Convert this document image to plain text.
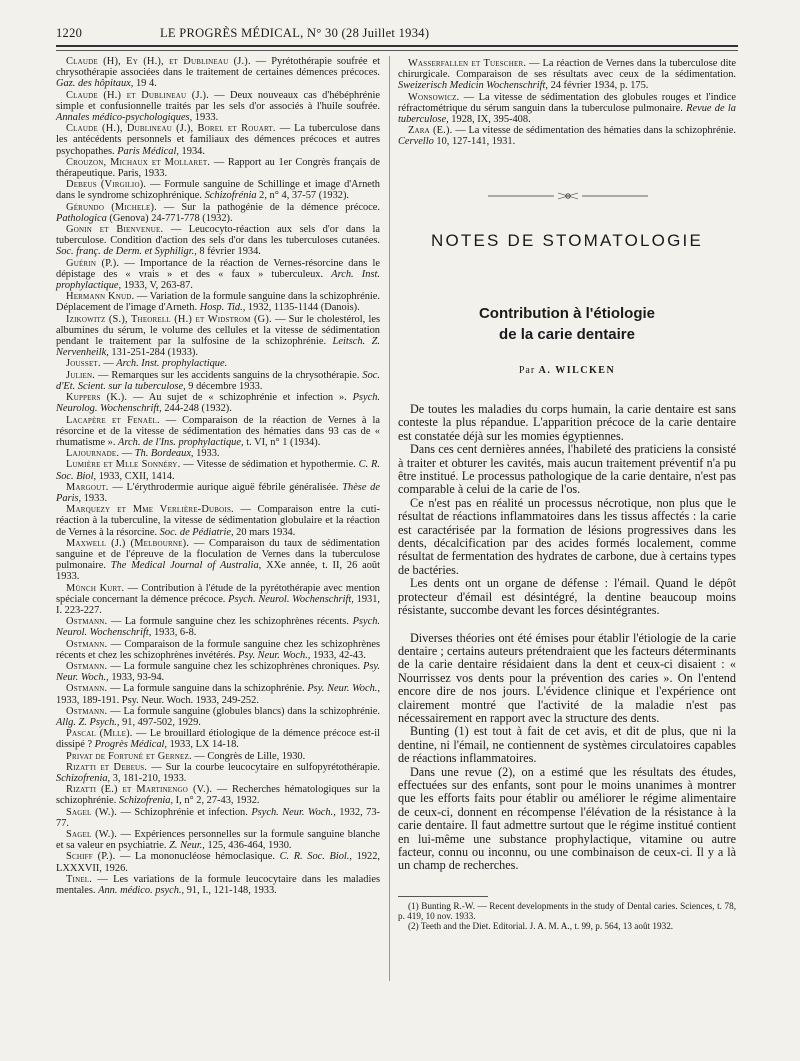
1220	LE PROGRÈS MÉDICAL, N° 30 (28 Juillet 1934)

Claude (H), Ey (H.), et Dublineau (J.). — Pyrétothérapie soufrée et chrysothérapie associées dans le traitement de certaines démences précoces. Gaz. des hôpitaux, 19 4.

Claude (H.) et Dublineau (J.). — Deux nouveaux cas d'hébéphrénie simple et confusionnelle traités par les sels d'or associés à l'huile soufrée. Annales médico-psychologiques, 1933.

Claude (H.), Dublineau (J.), Borel et Rouart. — La tuberculose dans les antécédents personnels et familiaux des démences précoces et autres psychopathes. Paris Médical, 1934.

Crouzon, Michaux et Mollaret. — Rapport au 1er Congrès français de thérapeutique. Paris, 1933.

Debeus (Virgilio). — Formule sanguine de Schillinge et image d'Arneth dans le syndrome schizophrénique. Schizofrénia 2, n° 4, 37-57 (1932).

Gérundo (Michele). — Sur la pathogénie de la démence précoce. Pathologica (Genova) 24-771-778 (1932).

Gonin et Bienvenue. — Leucocyto-réaction aux sels d'or dans la tuberculose. Condition d'action des sels d'or dans les tuberculoses cutanées. Soc. franç. de Derm. et Syphiligr., 8 février 1934.

Guérin (P.). — Importance de la réaction de Vernes-résorcine dans le dépistage des « vrais » et des « faux » tuberculeux. Arch. Inst. prophylactique, 1933, V, 263-87.

Hermann Knud. — Variation de la formule sanguine dans la schizophrénie. Déplacement de l'image d'Arneth. Hosp. Tid., 1932, 1135-1144 (Danois).

Izikowitz (S.), Theorell (H.) et Widstrom (G). — Sur le cholestérol, les albumines du sérum, le volume des cellules et la vitesse de sédimentation pendant le traitement par la sulfosine de la schizophrénie. Leitsch. Z. Nervenheilk, 131-251-284 (1933).

Jousset. — Arch. Inst. prophylactique.

Julien. — Remarques sur les accidents sanguins de la chrysothérapie. Soc. d'Et. Scient. sur la tuberculose, 9 décembre 1933.

Kuppers (K.). — Au sujet de « schizophrénie et infection ». Psych. Neurolog. Wochenschrift, 244-248 (1932).

Lacapère et Fenaël. — Comparaison de la réaction de Vernes à la résorcine et de la vitesse de sédimentation des hématies dans 93 cas de « rhumatisme ». Arch. de l'Ins. prophylactique, t. VI, n° 1 (1934).

Lajournade. — Th. Bordeaux, 1933.

Lumière et Mlle Sonnéry. — Vitesse de sédimation et hypothermie. C. R. Soc. Biol, 1933, CXII, 1414.

Margout. — L'érythrodermie aurique aiguë fébrile généralisée. Thèse de Paris, 1933.

Marquezy et Mme Verlière-Dubois. — Comparaison entre la cuti-réaction à la tuberculine, la vitesse de sédimentation globulaire et la réaction de Vernes à la résorcine. Soc. de Pédiatrie, 20 mars 1934.

Maxwell (J.) (Melbourne). — Comparaison du taux de sédimentation sanguine et de l'épreuve de la floculation de Vernes dans la tuberculose pulmonaire. The Medical Journal of Australia, XXe année, t. II, 26 août 1933.

Münch Kurt. — Contribution à l'étude de la pyrétothérapie avec mention spéciale concernant la démence précoce. Psych. Neurol. Wochenschrift, 1931, I. 223-227.

Ostmann. — La formule sanguine chez les schizophrènes récents. Psych. Neurol. Wochenschrift, 1933, 6-8.

Ostmann. — Comparaison de la formule sanguine chez les schizophrènes récents et chez les schizophrènes invétérés. Psy. Neur. Woch., 1933, 42-43.

Ostmann. — La formule sanguine chez les schizophrènes chroniques. Psy. Neur. Woch., 1933, 93-94.

Ostmann. — La formule sanguine dans la schizophrénie. Psy. Neur. Woch., 1933, 189-191. Psy. Neur. Woch. 1933, 249-252.

Ostmann. — La formule sanguine (globules blancs) dans la schizophrénie. Allg. Z. Psych., 91, 497-502, 1929.

Pascal (Mlle). — Le brouillard étiologique de la démence précoce est-il dissipé ? Progrès Médical, 1933, LX 14-18.

Privat de Fortuné et Gernez. — Congrès de Lille, 1930.

Rizatti et Debeus. — Sur la courbe leucocytaire en sulfopyrétothérapie. Schizofrenia, 3, 181-210, 1933.

Rizatti (E.) et Martinengo (V.). — Recherches hématologiques sur la schizophrénie. Schizofrenia, I, n° 2, 27-43, 1932.

Sagel (W.). — Schizophrénie et infection. Psych. Neur. Woch., 1932, 73-77.

Sagel (W.). — Expériences personnelles sur la formule sanguine blanche et sa valeur en psychiatrie. Z. Neur., 125, 436-464, 1930.

Schiff (P.). — La mononucléose hémoclasique. C. R. Soc. Biol., 1922, LXXXVII, 1926.

Tinel. — Les variations de la formule leucocytaire dans les maladies mentales. Ann. médico. psych., 91, I., 121-148, 1933.

Wasserfallen et Tuescher. — La réaction de Vernes dans la tuberculose dite chirurgicale. Comparaison de ses résultats avec ceux de la sédimentation. Sweizerisch Medicin Wochenschrift, 24 février 1934, p. 175.

Wonsowicz. — La vitesse de sédimentation des globules rouges et l'indice réfractométrique du sérum sanguin dans la tuberculose pulmonaire. Revue de la tuberculose, 1928, IX, 395-408.

Zara (E.). — La vitesse de sédimentation des hématies dans la schizophrénie. Cervello 10, 127-141, 1931.

NOTES DE STOMATOLOGIE
Contribution à l'étiologie
de la carie dentaire
Par A. WILCKEN

De toutes les maladies du corps humain, la carie dentaire est sans conteste la plus répandue. L'apparition précoce de la carie dentaire est constatée déjà sur les momies égyptiennes.

Dans ces cent dernières années, l'habileté des praticiens la consisté à traiter et obturer les cavités, mais aucun traitement préventif n'a pu être institué. Le processus pathologique de la carie dentaire, n'est pas comparable à celui de la carie de l'os.

Ce n'est pas en réalité un processus nécrotique, non plus que le résultat de réactions inflammatoires dans les tissus affectés : la carie est caractérisée par la formation de lésions progressives dans les dents, décalcification par des acides formés localement, comme résultat de fermentation des hydrates de carbone, due à certains types de bactéries.

Les dents ont un organe de défense : l'émail. Quand le dépôt protecteur d'émail est désintégré, la dentine beaucoup moins résistante, succombe devant les forces désintégrantes.

Diverses théories ont été émises pour établir l'étiologie de la carie dentaire ; certains auteurs prétendraient que les facteurs déterminants de la carie dentaire résidaient dans la dent et ceux-ci disaient : « Nourrissez vos dents pour la prévention des caries ». On l'entend encore dire de nos jours. L'évidence clinique et l'expérience ont clairement montré que l'activité de la maladie n'est pas nécessairement en rapport avec la structure des dents.

Bunting (1) est tout à fait de cet avis, et dit de plus, que ni la dentine, ni l'émail, ne contiennent de systèmes circulatoires capables de réactions inflammatoires.

Dans une revue (2), on a estimé que les résultats des études, effectuées sur des enfants, sont pour le moins unanimes à montrer que les efforts faits pour établir ou améliorer le régime alimentaire de ceux-ci, donnent en récompense l'élévation de la résistance à la carie dentaire. Il faut admettre surtout que le régime institué contient en lui-même une substance prophylactique, vitamine ou autre facteur, connu ou inconnu, ou une combinaison de ceux-ci. Il y a là un champ de recherches.

(1) Bunting R.-W. — Recent developments in the study of Dental caries. Sciences, t. 78, p. 419, 10 nov. 1933.

(2) Teeth and the Diet. Editorial. J. A. M. A., t. 99, p. 564, 13 août 1932.
